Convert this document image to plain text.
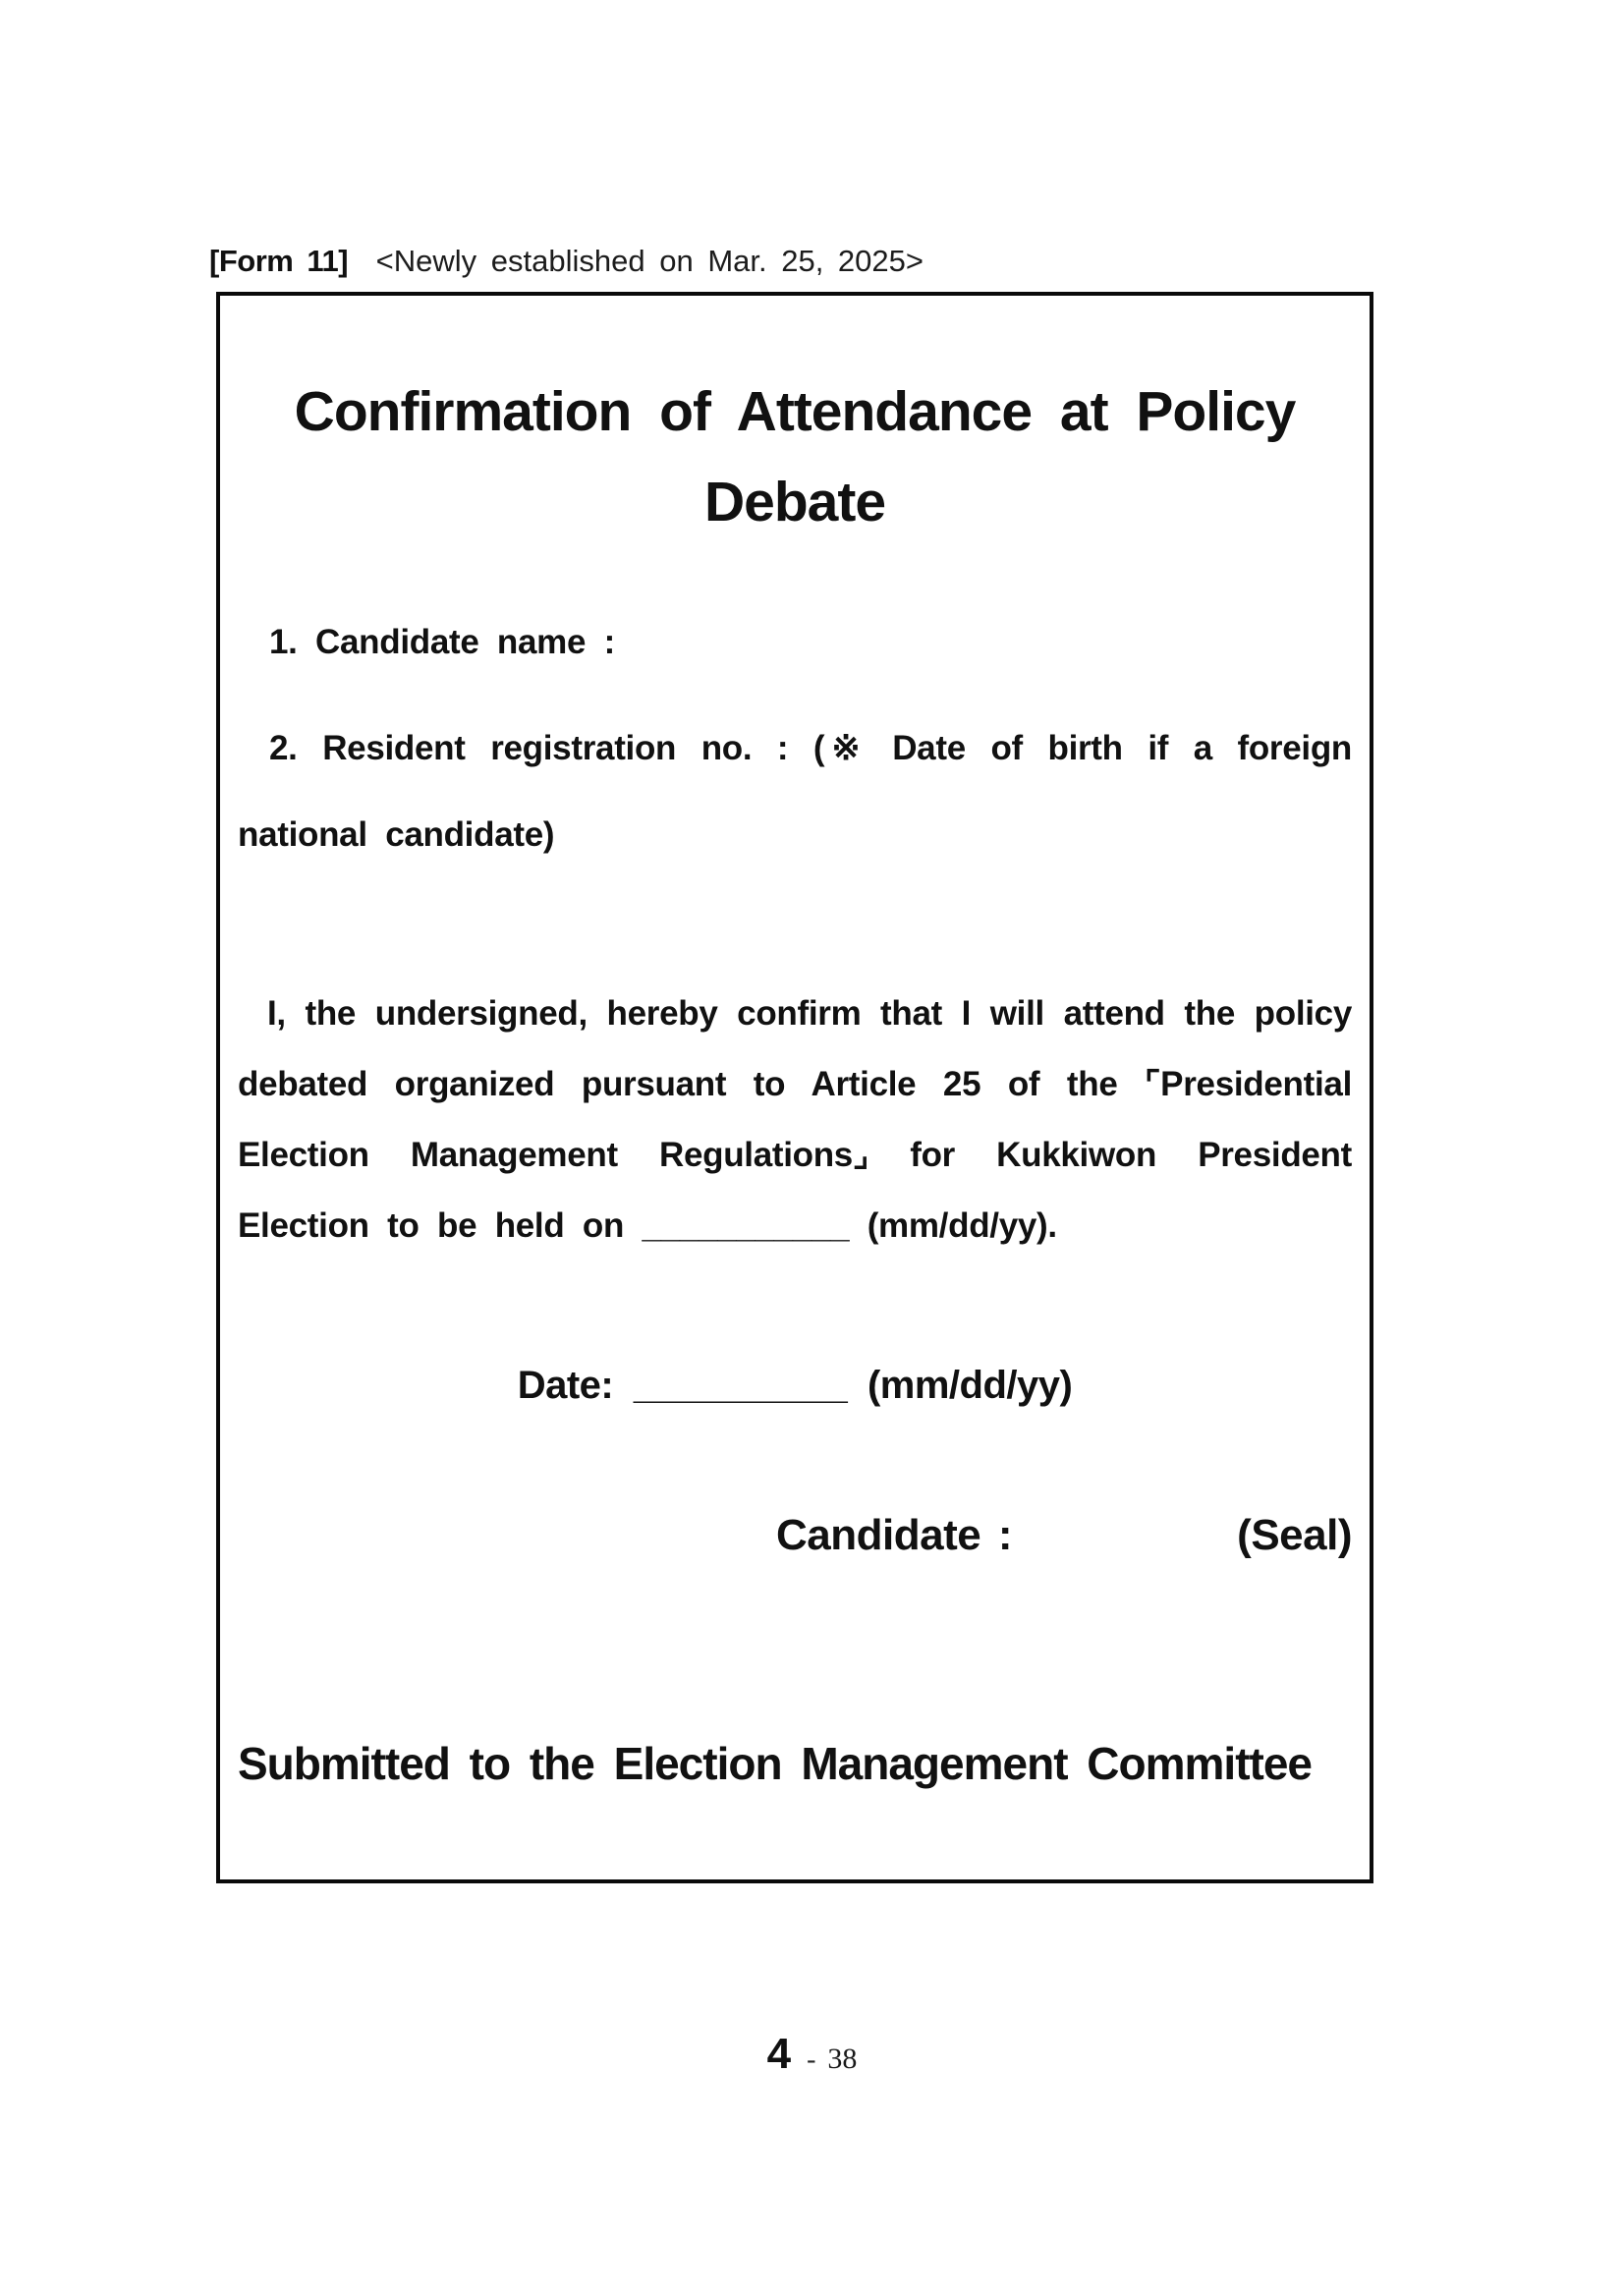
[Form 11] <Newly established on Mar. 25, 2025>
Confirmation of Attendance at Policy
Debate
1. Candidate name :
2. Resident registration no. : (※ Date of birth if a foreign
national candidate)
I, the undersigned, hereby confirm that I will attend the policy
debated organized pursuant to Article 25 of the ⌜Presidential
Election Management Regulations⌟ for Kukkiwon President
Election to be held on ___________ (mm/dd/yy).
Date: __________ (mm/dd/yy)
Candidate :	(Seal)
Submitted to the Election Management Committee
4 - 38
